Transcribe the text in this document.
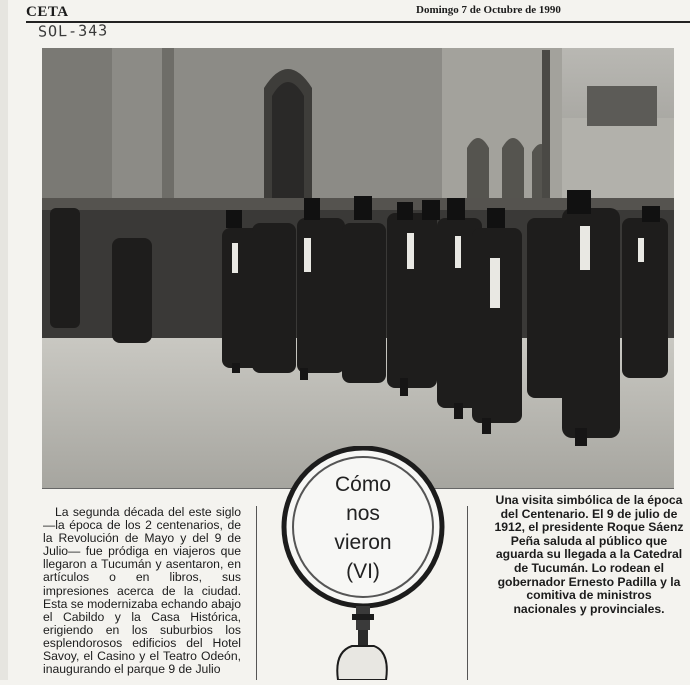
CETA	Domingo 7 de Octubre de 1990
SOL-343

La segunda década del este siglo —la época de los 2 centenarios, de la Revolución de Mayo y del 9 de Julio— fue pródiga en viajeros que llegaron a Tucumán y asentaron, en artículos o en libros, sus impresiones acerca de la ciudad. Esta se modernizaba echando abajo el Cabildo y la Casa Histórica, erigiendo en los suburbios los esplendorosos edificios del Hotel Savoy, el Casino y el Teatro Odeón, inaugurando el parque 9 de Julio

Cómo
nos
vieron
(VI)

Una visita simbólica de la época del Centenario. El 9 de julio de 1912, el presidente Roque Sáenz Peña saluda al público que aguarda su llegada a la Catedral de Tucumán. Lo rodean el gobernador Ernesto Padilla y la comitiva de ministros nacionales y provinciales.
